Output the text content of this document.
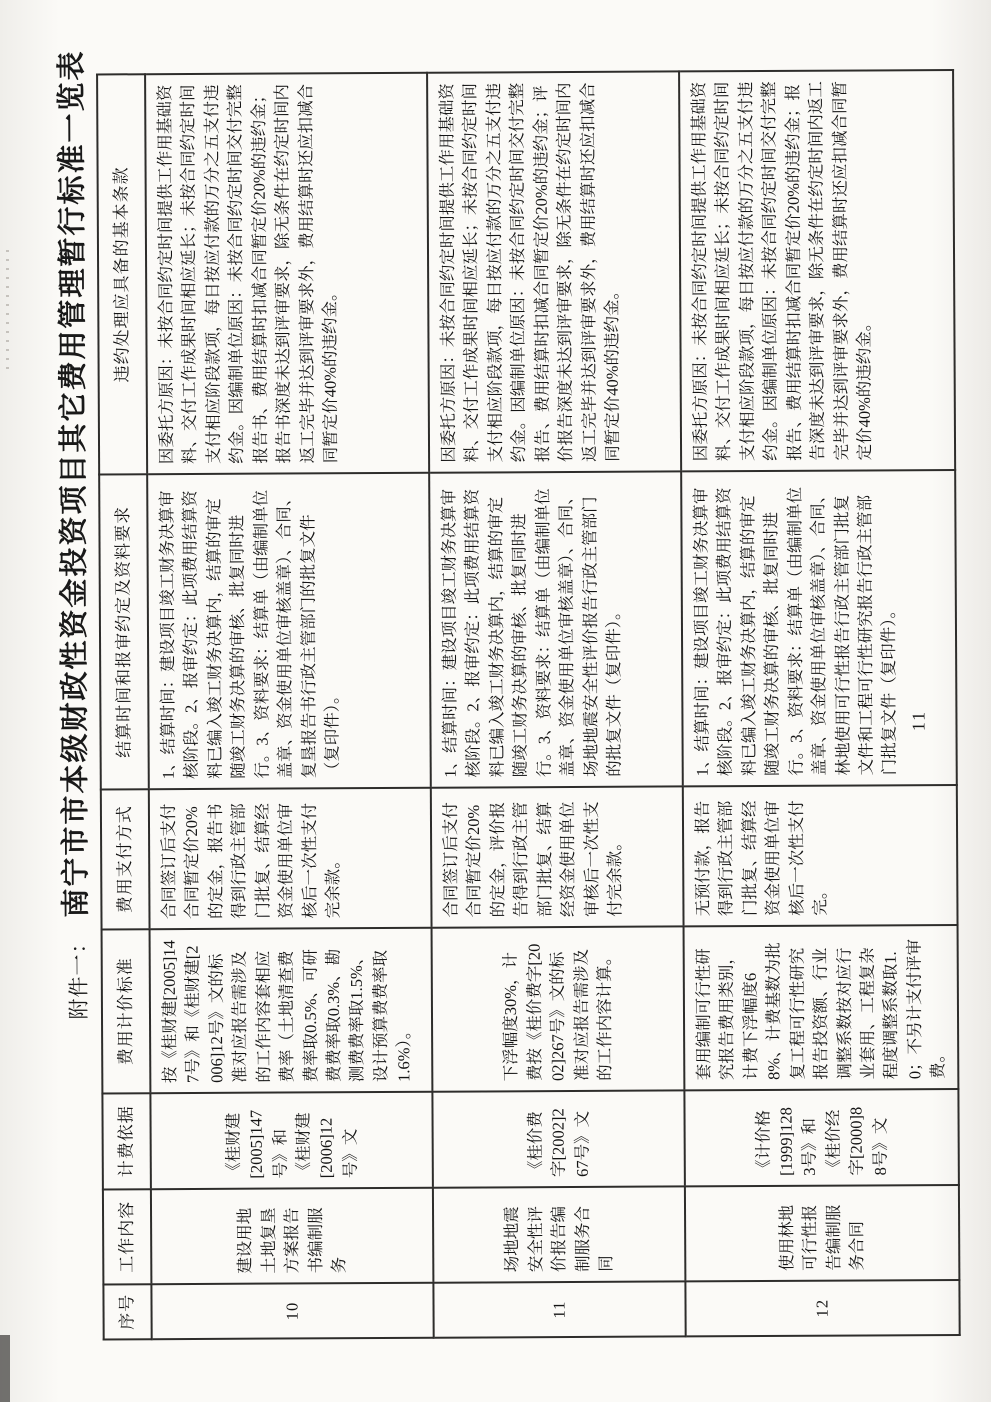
附件一：
南宁市市本级财政性资金投资项目其它费用管理暂行标准一览表
序号	工作内容	计费依据	费用计价标准	费用支付方式	结算时间和报审约定及资料要求	违约处理应具备的基本条款
10	建设用地土地复垦方案报告书编制服务	《桂财建[2005]147号》和《桂财建[2006]12号》文	按《桂财建[2005]147号》和《桂财建[2006]12号》文的标准对应报告需涉及的工作内容套相应费率（土地清查费费率取0.5%、可研费费率取0.3%、勘测费费率取1.5%、设计预算费费率取1.6%）。	合同签订后支付合同暂定价20%的定金，报告书得到行政主管部门批复、结算经资金使用单位审核后一次性支付完余款。	1、结算时间：建设项目竣工财务决算审核阶段。2、报审约定：此项费用结算资料已编入竣工财务决算内，结算的审定随竣工财务决算的审核、批复同时进行。3、资料要求：结算单（由编制单位盖章、资金使用单位审核盖章）、合同、复垦报告书行政主管部门的批复文件（复印件）。	因委托方原因：未按合同约定时间提供工作用基础资料、交付工作成果时间相应延长；未按合同约定时间支付相应阶段款项，每日按应付款的万分之五支付违约金。因编制单位原因：未按合同约定时间交付完整报告书、费用结算时扣减合同暂定价20%的违约金；报告书深度未达到评审要求，除无条件在约定时间内返工完毕并达到评审要求外，费用结算时还应扣减合同暂定价40%的违约金。
11	场地地震安全性评价报告编制服务合同	《桂价费字[2002]267号》文	下浮幅度30%，计费按《桂价费字[2002]267号》文的标准对应报告需涉及的工作内容计算。	合同签订后支付合同暂定价20%的定金，评价报告得到行政主管部门批复、结算经资金使用单位审核后一次性支付完余款。	1、结算时间：建设项目竣工财务决算审核阶段。2、报审约定：此项费用结算资料已编入竣工财务决算内，结算的审定随竣工财务决算的审核、批复同时进行。3、资料要求：结算单（由编制单位盖章、资金使用单位审核盖章）、合同、场地地震安全性评价报告行政主管部门的批复文件（复印件）。	因委托方原因：未按合同约定时间提供工作用基础资料、交付工作成果时间相应延长；未按合同约定时间支付相应阶段款项，每日按应付款的万分之五支付违约金。因编制单位原因：未按合同约定时间交付完整报告、费用结算时扣减合同暂定价20%的违约金；评价报告深度未达到评审要求，除无条件在约定时间内返工完毕并达到评审要求外，费用结算时还应扣减合同暂定价40%的违约金。
12	使用林地可行性报告编制服务合同	《计价格[1999]1283号》和《桂价经字[2000]88号》文	套用编制可行性研究报告费用类别，计费下浮幅度68%、计费基数为批复工程可行性研究报告投资额、行业调整系数按对应行业套用、工程复杂程度调整系数取1.0；不另计支付评审费。	无预付款，报告得到行政主管部门批复、结算经资金使用单位审核后一次性支付完。	1、结算时间：建设项目竣工财务决算审核阶段。2、报审约定：此项费用结算资料已编入竣工财务决算内，结算的审定随竣工财务决算的审核、批复同时进行。3、资料要求：结算单（由编制单位盖章、资金使用单位审核盖章）、合同、林地使用可行性报告行政主管部门批复文件和工程可行性研究报告行政主管部门批复文件（复印件）。	因委托方原因：未按合同约定时间提供工作用基础资料、交付工作成果时间相应延长；未按合同约定时间支付相应阶段款项，每日按应付款的万分之五支付违约金。因编制单位原因：未按合同约定时间交付完整报告、费用结算时扣减合同暂定价20%的违约金；报告深度未达到评审要求，除无条件在约定时间内返工完毕并达到评审要求外，费用结算时还应扣减合同暂定价40%的违约金。
11
